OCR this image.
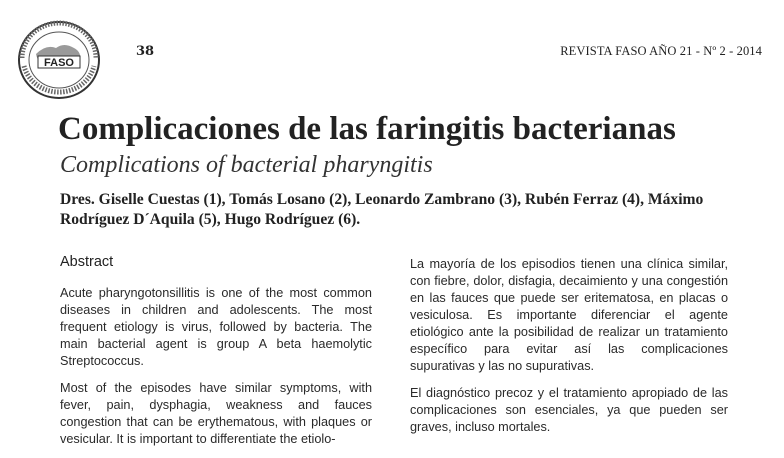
FASO
38	REVISTA FASO AÑO 21 - Nº 2 - 2014
Complicaciones de las faringitis bacterianas
Complications of bacterial pharyngitis
Dres. Giselle Cuestas (1), Tomás Losano (2), Leonardo Zambrano (3), Rubén Ferraz (4), Máximo Rodríguez D´Aquila (5), Hugo Rodríguez (6).
Abstract

Acute pharyngotonsillitis is one of the most common diseases in children and adolescents. The most frequent etiology is virus, followed by bacteria. The main bacterial agent is group A beta haemolytic Streptococcus.

Most of the episodes have similar symptoms, with fever, pain, dysphagia, weakness and fauces congestion that can be erythematous, with plaques or vesicular. It is important to differentiate the etiolo-

La mayoría de los episodios tienen una clínica similar, con fiebre, dolor, disfagia, decaimiento y una congestión en las fauces que puede ser eritematosa, en placas o vesiculosa. Es importante diferenciar el agente etiológico ante la posibilidad de realizar un tratamiento específico para evitar así las complicaciones supurativas y las no supurativas.

El diagnóstico precoz y el tratamiento apropiado de las complicaciones son esenciales, ya que pueden ser graves, incluso mortales.
